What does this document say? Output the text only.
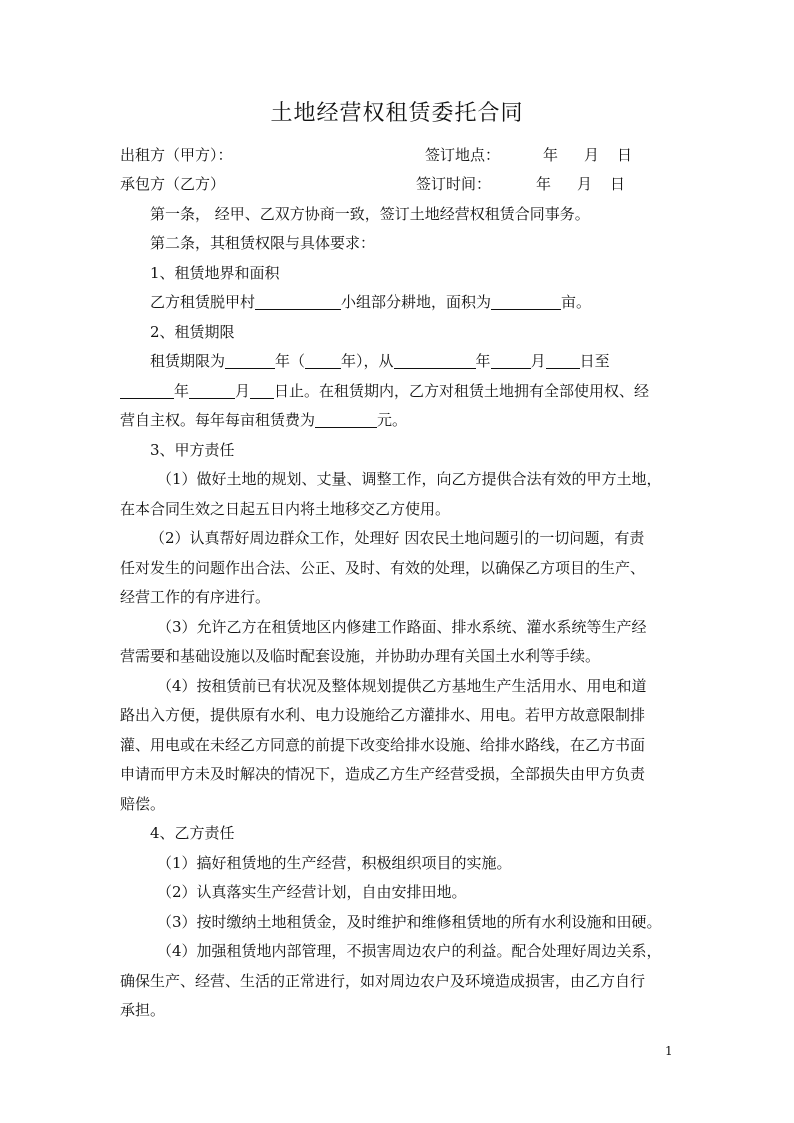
土地经营权租赁委托合同
出租方（甲方）：	签订地点：	年 月 日
承包方（乙方）	签订时间：	年 月 日
第一条， 经甲、乙双方协商一致，签订土地经营权租赁合同事务。
第二条，其租赁权限与具体要求：
1、租赁地界和面积
乙方租赁脱甲村	小组部分耕地，面积为	亩。
2、租赁期限
租赁期限为	年（ 年），从	年	月 日至
年	月 日止。在租赁期内，乙方对租赁土地拥有全部使用权、经
营自主权。每年每亩租赁费为	元。
3、甲方责任
（1）做好土地的规划、丈量、调整工作，向乙方提供合法有效的甲方土地，
在本合同生效之日起五日内将土地移交乙方使用。
（2）认真帮好周边群众工作，处理好 因农民土地问题引的一切问题，有责
任对发生的问题作出合法、公正、及时、有效的处理，以确保乙方项目的生产、
经营工作的有序进行。
（3）允许乙方在租赁地区内修建工作路面、排水系统、灌水系统等生产经
营需要和基础设施以及临时配套设施，并协助办理有关国土水利等手续。
（4）按租赁前已有状况及整体规划提供乙方基地生产生活用水、用电和道
路出入方便，提供原有水利、电力设施给乙方灌排水、用电。若甲方故意限制排
灌、用电或在未经乙方同意的前提下改变给排水设施、给排水路线，在乙方书面
申请而甲方未及时解决的情况下，造成乙方生产经营受损，全部损失由甲方负责
赔偿。
4、乙方责任
（1）搞好租赁地的生产经营，积极组织项目的实施。
（2）认真落实生产经营计划，自由安排田地。
（3）按时缴纳土地租赁金，及时维护和维修租赁地的所有水利设施和田硬。
（4）加强租赁地内部管理，不损害周边农户的利益。配合处理好周边关系，
确保生产、经营、生活的正常进行，如对周边农户及环境造成损害，由乙方自行
承担。
1
